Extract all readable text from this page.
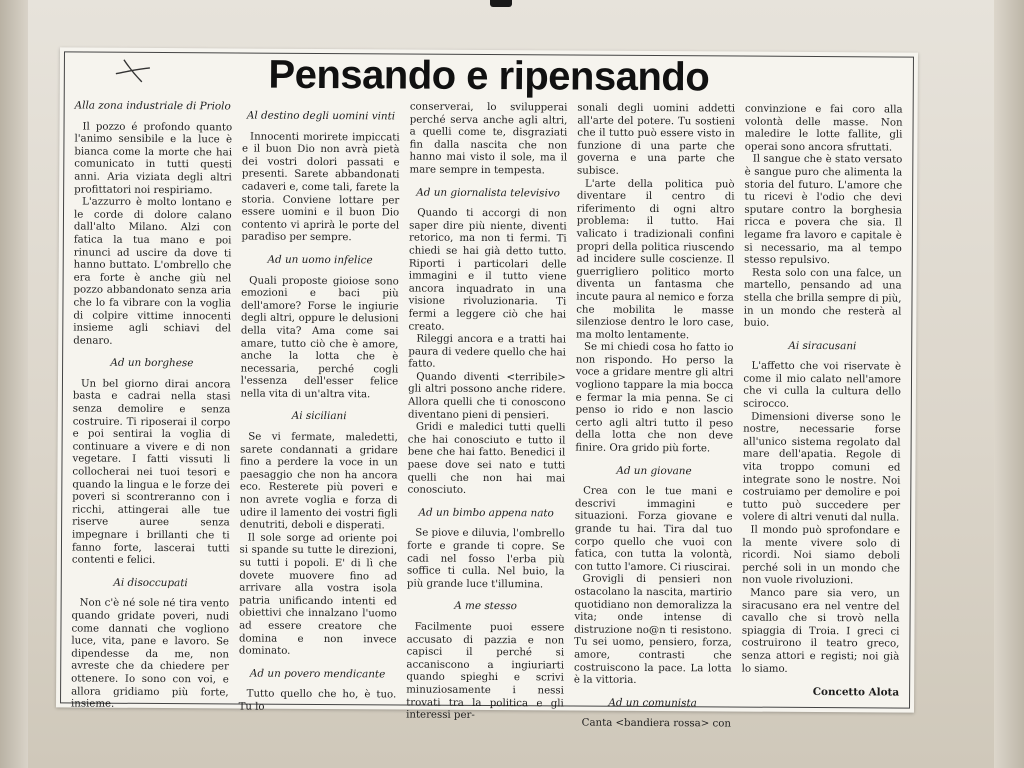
Pensando e ripensando
Alla zona industriale di Priolo

Il pozzo é profondo quanto l'animo sensibile e la luce è bianca come la morte che hai comunicato in tutti questi anni. Aria viziata degli altri profittatori noi respiriamo.

L'azzurro è molto lontano e le corde di dolore calano dall'alto Milano. Alzi con fatica la tua mano e poi rinunci ad uscire da dove ti hanno buttato. L'ombrello che era forte è anche giù nel pozzo abbandonato senza aria che lo fa vibrare con la voglia di colpire vittime innocenti insieme agli schiavi del denaro.

Ad un borghese

Un bel giorno dirai ancora basta e cadrai nella stasi senza demolire e senza costruire. Ti riposerai il corpo e poi sentirai la voglia di continuare a vivere e di non vegetare. I fatti vissuti li collocherai nei tuoi tesori e quando la lingua e le forze dei poveri si scontreranno con i ricchi, attingerai alle tue riserve auree senza impegnare i brillanti che ti fanno forte, lascerai tutti contenti e felici.

Ai disoccupati

Non c'è né sole né tira vento quando gridate poveri, nudi come dannati che vogliono luce, vita, pane e lavoro. Se dipendesse da me, non avreste che da chiedere per ottenere. Io sono con voi, e allora gridiamo più forte, insieme.

Al destino degli uomini vinti

Innocenti morirete impiccati e il buon Dio non avrà pietà dei vostri dolori passati e presenti. Sarete abbandonati cadaveri e, come tali, farete la storia. Conviene lottare per essere uomini e il buon Dio contento vi aprirà le porte del paradiso per sempre.

Ad un uomo infelice

Quali proposte gioiose sono emozioni e baci più dell'amore? Forse le ingiurie degli altri, oppure le delusioni della vita? Ama come sai amare, tutto ciò che è amore, anche la lotta che è necessaria, perché cogli l'essenza dell'esser felice nella vita di un'altra vita.

Ai siciliani

Se vi fermate, maledetti, sarete condannati a gridare fino a perdere la voce in un paesaggio che non ha ancora eco. Resterete più poveri e non avrete voglia e forza di udire il lamento dei vostri figli denutriti, deboli e disperati.

Il sole sorge ad oriente poi si spande su tutte le direzioni, su tutti i popoli. E' di lì che dovete muovere fino ad arrivare alla vostra isola patria unificando intenti ed obiettivi che innalzano l'uomo ad essere creatore che domina e non invece dominato.

Ad un povero mendicante

Tutto quello che ho, è tuo. Tu lo

conserverai, lo svilupperai perché serva anche agli altri, a quelli come te, disgraziati fin dalla nascita che non hanno mai visto il sole, ma il mare sempre in tempesta.

Ad un giornalista televisivo

Quando ti accorgi di non saper dire più niente, diventi retorico, ma non ti fermi. Ti chiedi se hai già detto tutto. Riporti i particolari delle immagini e il tutto viene ancora inquadrato in una visione rivoluzionaria. Ti fermi a leggere ciò che hai creato.

Rileggi ancora e a tratti hai paura di vedere quello che hai fatto.

Quando diventi <terribile> gli altri possono anche ridere. Allora quelli che ti conoscono diventano pieni di pensieri.

Gridi e maledici tutti quelli che hai conosciuto e tutto il bene che hai fatto. Benedici il paese dove sei nato e tutti quelli che non hai mai conosciuto.

Ad un bimbo appena nato

Se piove e diluvia, l'ombrello forte e grande ti copre. Se cadi nel fosso l'erba più soffice ti culla. Nel buio, la più grande luce t'illumina.

A me stesso

Facilmente puoi essere accusato di pazzia e non capisci il perché si accaniscono a ingiuriarti quando spieghi e scrivi minuziosamente i nessi trovati tra la politica e gli interessi per-

sonali degli uomini addetti all'arte del potere. Tu sostieni che il tutto può essere visto in funzione di una parte che governa e una parte che subisce.

L'arte della politica può diventare il centro di riferimento di ogni altro problema: il tutto. Hai valicato i tradizionali confini propri della politica riuscendo ad incidere sulle coscienze. Il guerrigliero politico morto diventa un fantasma che incute paura al nemico e forza che mobilita le masse silenziose dentro le loro case, ma molto lentamente.

Se mi chiedi cosa ho fatto io non rispondo. Ho perso la voce a gridare mentre gli altri vogliono tappare la mia bocca e fermar la mia penna. Se ci penso io rido e non lascio certo agli altri tutto il peso della lotta che non deve finire. Ora grido più forte.

Ad un giovane

Crea con le tue mani e descrivi immagini e situazioni. Forza giovane e grande tu hai. Tira dal tuo corpo quello che vuoi con fatica, con tutta la volontà, con tutto l'amore. Ci riuscirai.

Grovigli di pensieri non ostacolano la nascita, martirio quotidiano non demoralizza la vita; onde intense di distruzione no@n ti resistono. Tu sei uomo, pensiero, forza, amore, contrasti che costruiscono la pace. La lotta è la vittoria.

Ad un comunista

Canta <bandiera rossa> con

convinzione e fai coro alla volontà delle masse. Non maledire le lotte fallite, gli operai sono ancora sfruttati.

Il sangue che è stato versato è sangue puro che alimenta la storia del futuro. L'amore che tu ricevi è l'odio che devi sputare contro la borghesia ricca e povera che sia. Il legame fra lavoro e capitale è si necessario, ma al tempo stesso repulsivo.

Resta solo con una falce, un martello, pensando ad una stella che brilla sempre di più, in un mondo che resterà al buio.

Ai siracusani

L'affetto che voi riservate è come il mio calato nell'amore che vi culla la cultura dello scirocco.

Dimensioni diverse sono le nostre, necessarie forse all'unico sistema regolato dal mare dell'apatia. Regole di vita troppo comuni ed integrate sono le nostre. Noi costruiamo per demolire e poi tutto può succedere per volere di altri venuti dal nulla.

Il mondo può sprofondare e la mente vivere solo di ricordi. Noi siamo deboli perché soli in un mondo che non vuole rivoluzioni.

Manco pare sia vero, un siracusano era nel ventre del cavallo che si trovò nella spiaggia di Troia. I greci ci costruirono il teatro greco, senza attori e registi; noi già lo siamo.

Concetto Alota
